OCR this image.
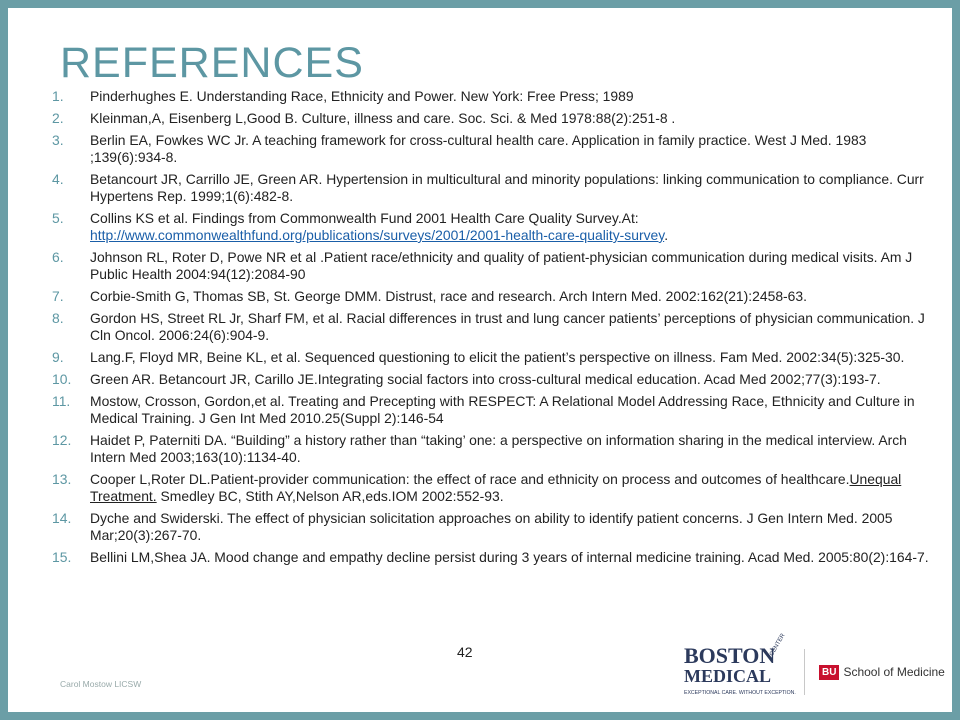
REFERENCES
1.	Pinderhughes E. Understanding Race, Ethnicity and Power. New York: Free Press; 1989
2.	Kleinman,A, Eisenberg L,Good B. Culture, illness and care. Soc. Sci. & Med 1978:88(2):251-8 .
3.	Berlin EA, Fowkes WC Jr. A teaching framework for cross-cultural health care. Application in family practice. West J Med. 1983 ;139(6):934-8.
4.	Betancourt JR, Carrillo JE, Green AR. Hypertension in multicultural and minority populations: linking communication to compliance. Curr Hypertens Rep. 1999;1(6):482-8.
5.	Collins KS et al. Findings from Commonwealth Fund 2001 Health Care Quality Survey.At: http://www.commonwealthfund.org/publications/surveys/2001/2001-health-care-quality-survey.
6.	Johnson RL, Roter D, Powe NR et al .Patient race/ethnicity and quality of patient-physician communication during medical visits. Am J Public Health 2004:94(12):2084-90
7.	Corbie-Smith G, Thomas SB, St. George DMM. Distrust, race and research. Arch Intern Med. 2002:162(21):2458-63.
8.	Gordon HS, Street RL Jr, Sharf FM, et al. Racial differences in trust and lung cancer patients’ perceptions of physician communication. J Cln Oncol. 2006:24(6):904-9.
9.	Lang.F, Floyd MR, Beine KL, et al. Sequenced questioning to elicit the patient’s perspective on illness. Fam Med. 2002:34(5):325-30.
10.	Green AR. Betancourt JR, Carillo JE.Integrating social factors into cross-cultural medical education. Acad Med 2002;77(3):193-7.
11.	Mostow, Crosson, Gordon,et al. Treating and Precepting with RESPECT: A Relational Model Addressing Race, Ethnicity and Culture in Medical Training. J Gen Int Med 2010.25(Suppl 2):146-54
12.	Haidet P, Paterniti DA. “Building” a history rather than “taking’ one: a perspective on information sharing in the medical interview. Arch Intern Med 2003;163(10):1134-40.
13.	Cooper L,Roter DL.Patient-provider communication: the effect of race and ethnicity on process and outcomes of healthcare.Unequal Treatment. Smedley BC, Stith AY,Nelson AR,eds.IOM 2002:552-93.
14.	Dyche and Swiderski. The effect of physician solicitation approaches on ability to identify patient concerns. J Gen Intern Med. 2005 Mar;20(3):267-70.
15.	Bellini LM,Shea JA. Mood change and empathy decline persist during 3 years of internal medicine training. Acad Med. 2005:80(2):164-7.
42
Carol Mostow LICSW
BOSTON
MEDICAL
CENTER
EXCEPTIONAL CARE. WITHOUT EXCEPTION.
BU School of Medicine
